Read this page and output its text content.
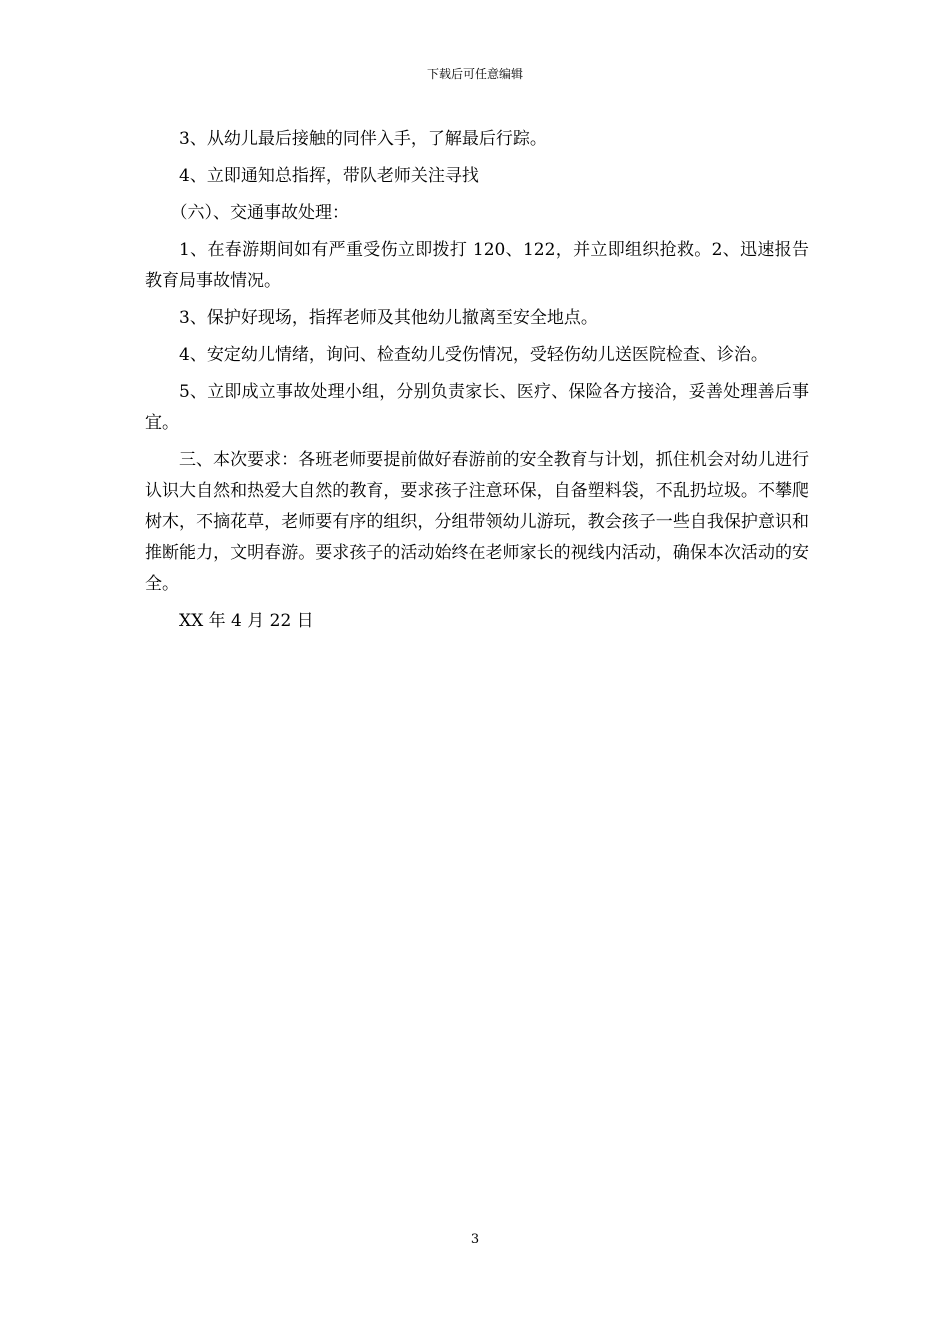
下载后可任意编辑

3、从幼儿最后接触的同伴入手，了解最后行踪。

4、立即通知总指挥，带队老师关注寻找

（六）、交通事故处理：

1、在春游期间如有严重受伤立即拨打 120、122，并立即组织抢救。2、迅速报告教育局事故情况。

3、保护好现场，指挥老师及其他幼儿撤离至安全地点。

4、安定幼儿情绪，询问、检查幼儿受伤情况，受轻伤幼儿送医院检查、诊治。

5、立即成立事故处理小组，分别负责家长、医疗、保险各方接洽，妥善处理善后事宜。

三、本次要求：各班老师要提前做好春游前的安全教育与计划，抓住机会对幼儿进行认识大自然和热爱大自然的教育，要求孩子注意环保，自备塑料袋，不乱扔垃圾。不攀爬树木，不摘花草，老师要有序的组织，分组带领幼儿游玩，教会孩子一些自我保护意识和推断能力，文明春游。要求孩子的活动始终在老师家长的视线内活动，确保本次活动的安全。

XX 年 4 月 22 日

3
